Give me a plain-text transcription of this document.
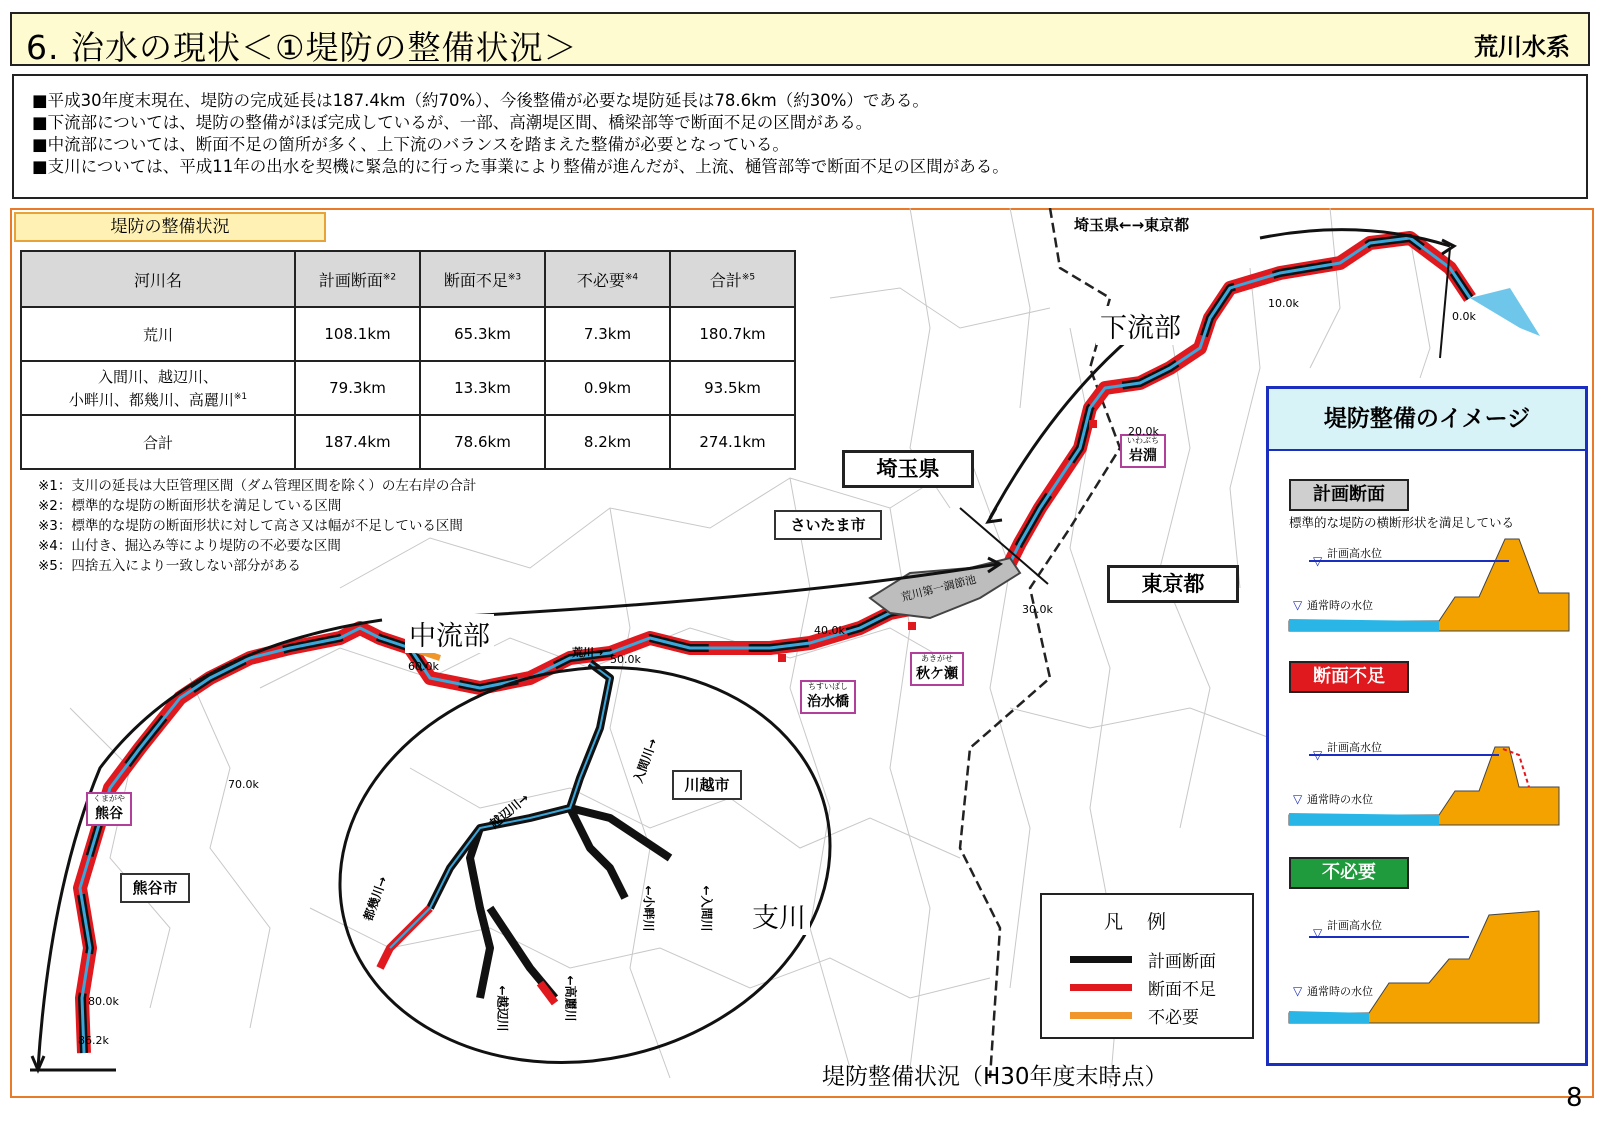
6. 治水の現状＜①堤防の整備状況＞	荒川水系
■平成30年度末現在、堤防の完成延長は187.4km（約70%）、今後整備が必要な堤防延長は78.6km（約30%）である。
■下流部については、堤防の整備がほぼ完成しているが、一部、高潮堤区間、橋梁部等で断面不足の区間がある。
■中流部については、断面不足の箇所が多く、上下流のバランスを踏まえた整備が必要となっている。
■支川については、平成11年の出水を契機に緊急的に行った事業により整備が進んだが、上流、樋管部等で断面不足の区間がある。
堤防の整備状況
河川名	計画断面$^{※2}$	断面不足$^{※3}$	不必要$^{※4}$	合計$^{※5}$
荒川	108.1km	65.3km	7.3km	180.7km
入間川、越辺川、
小畔川、都幾川、高麗川$^{※1}$	79.3km	13.3km	0.9km	93.5km
合計	187.4km	78.6km	8.2km	274.1km
※1：支川の延長は大臣管理区間（ダム管理区間を除く）の左右岸の合計
※2：標準的な堤防の断面形状を満足している区間
※3：標準的な堤防の断面形状に対して高さ又は幅が不足している区間
※4：山付き、掘込み等により堤防の不必要な区間
※5：四捨五入により一致しない部分がある
埼玉県←→東京都
下流部
中流部
支川
埼玉県
東京都
さいたま市
川越市
熊谷市
荒川第一調節池
荒川→
入間川→
越辺川→
都幾川→
←越辺川	←高麗川
←小畔川	←入間川
いわぶち
岩淵
あきがせ
秋ケ瀬
ちすいばし
治水橋
くまがや
熊谷
0.0k
10.0k
20.0k
30.0k
40.0k
50.0k
60.0k
70.0k
80.0k
86.2k
堤防整備状況（H30年度末時点）
凡例
計画断面
断面不足
不必要
堤防整備のイメージ
計画断面
標準的な堤防の横断形状を満足している
計画高水位
通常時の水位
▽
▽
断面不足
計画高水位
通常時の水位
▽
▽
不必要
計画高水位
通常時の水位
▽
▽
8
